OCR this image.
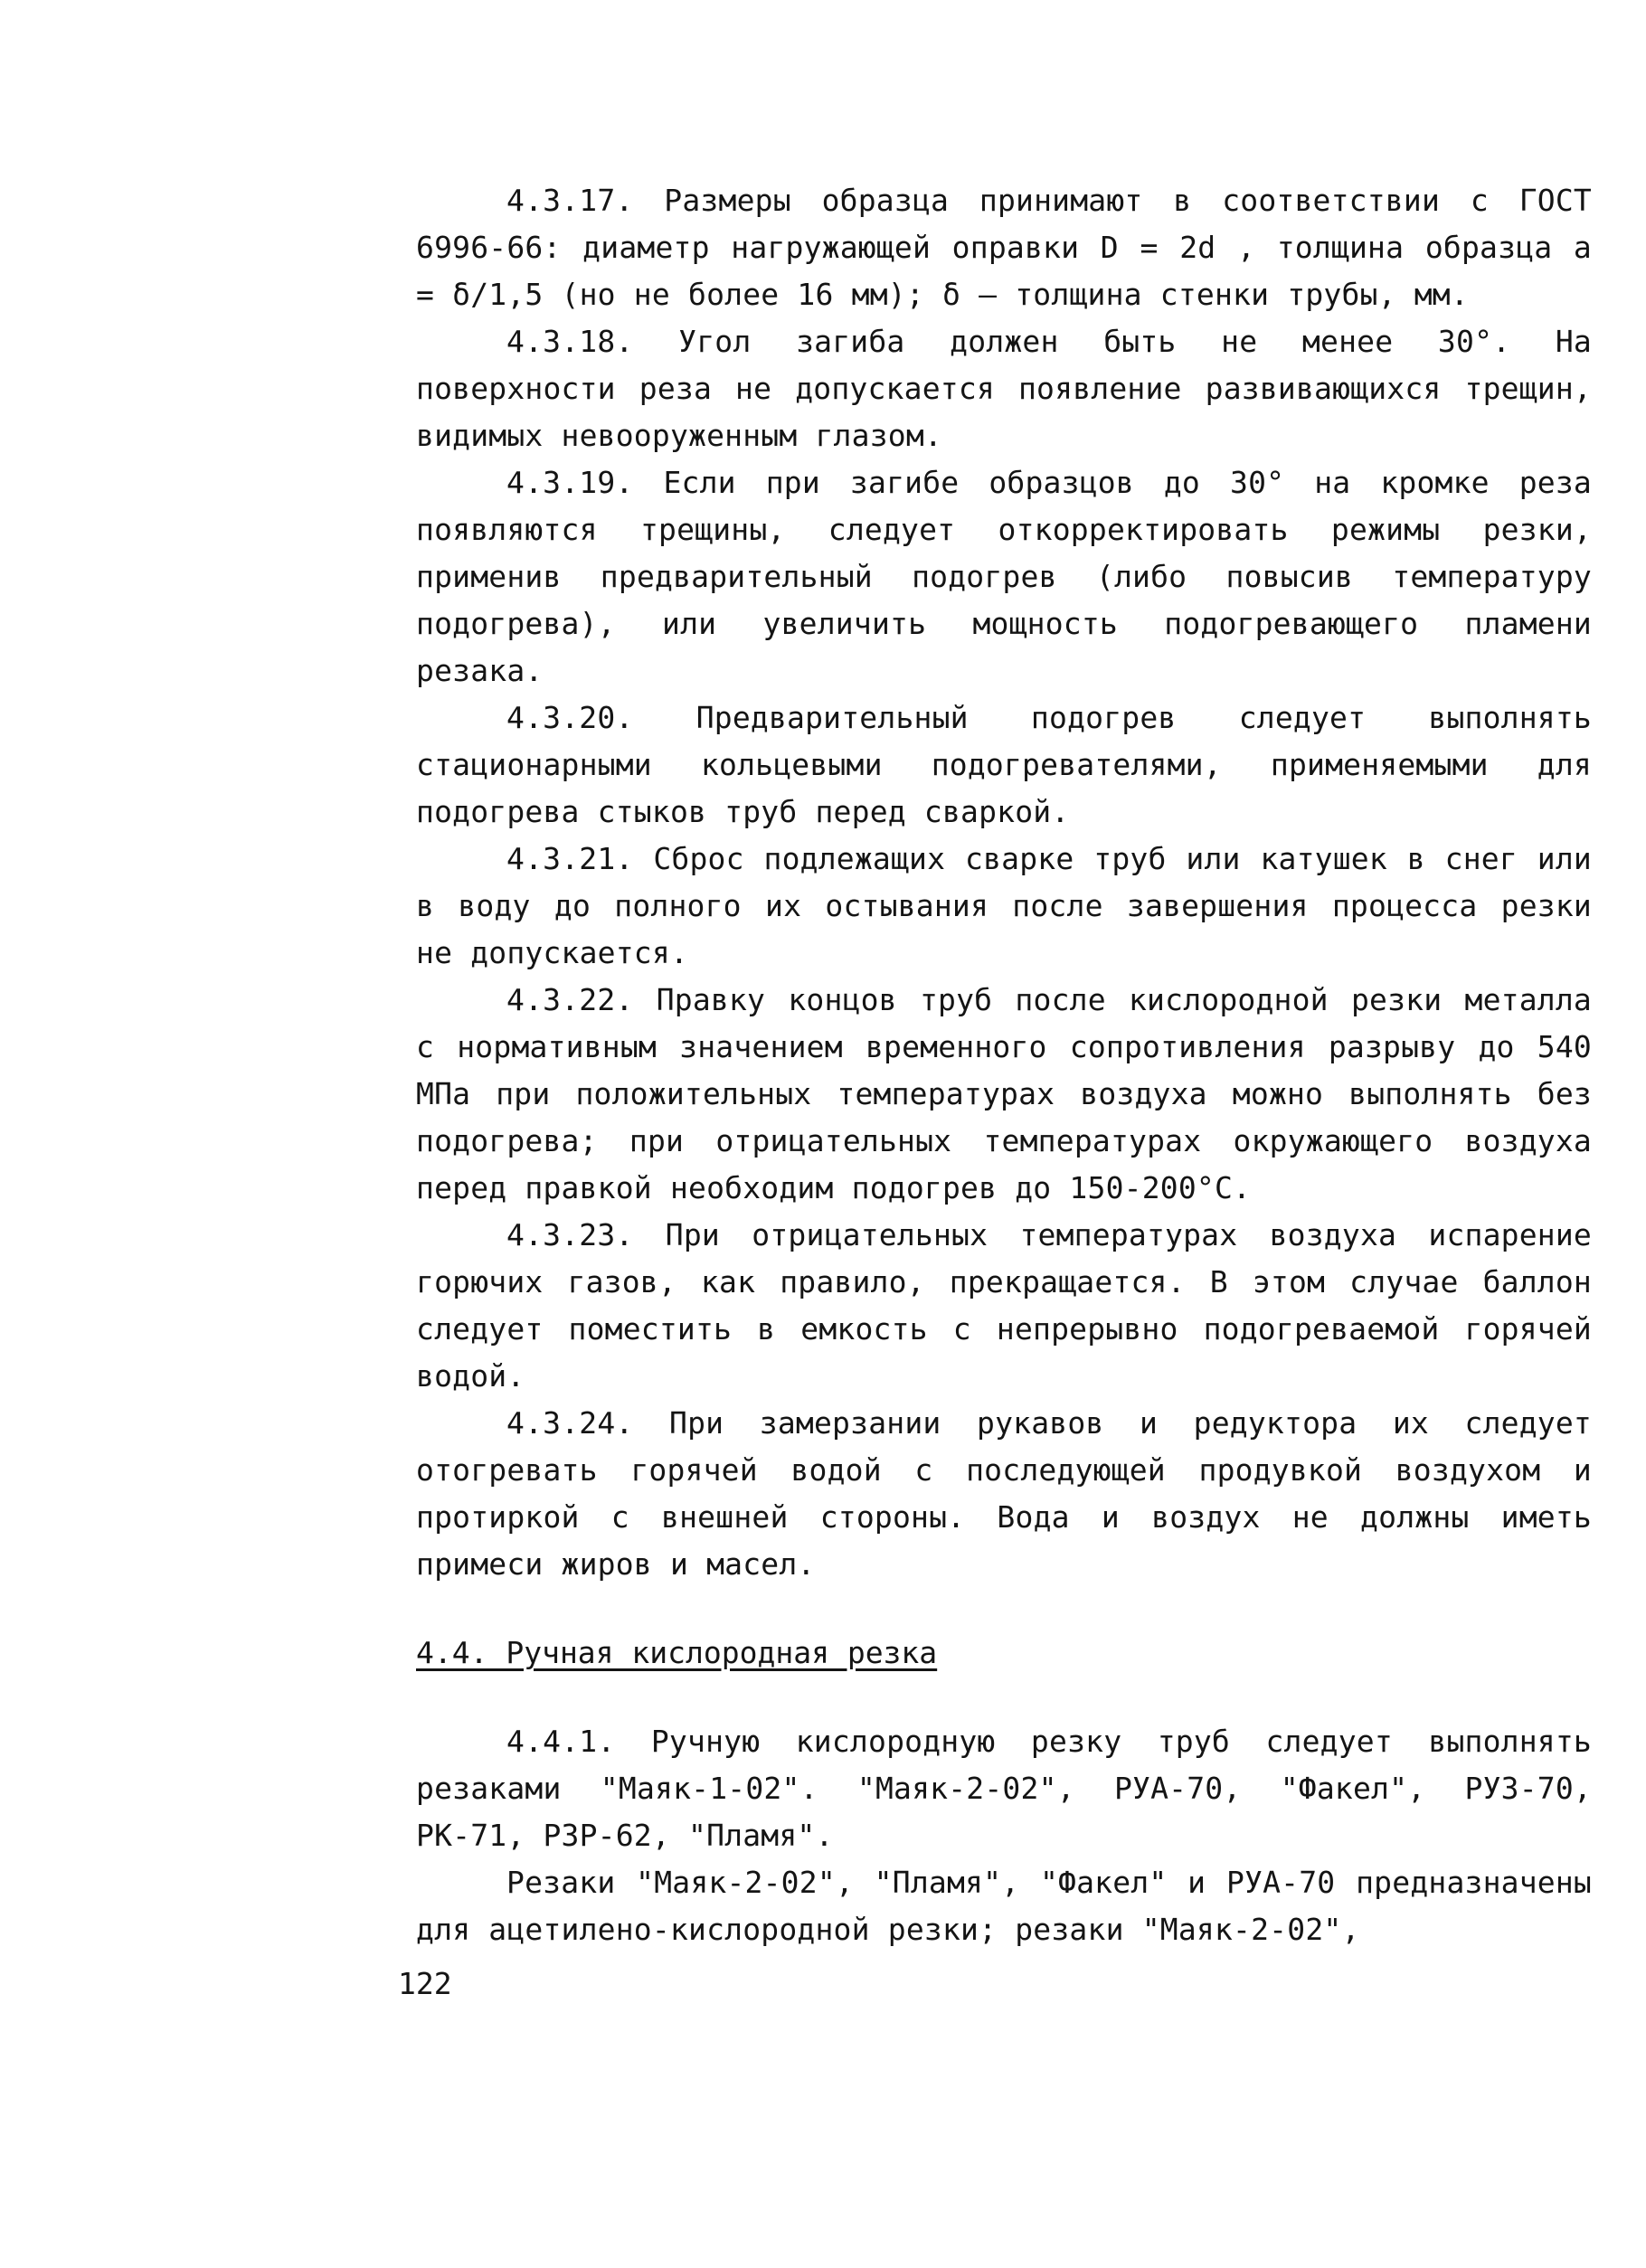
4.3.17. Размеры образца принимают в соответствии с ГОСТ 6996-66: диаметр нагружающей оправки D = 2d , толщина образца a = δ/1,5 (но не более 16 мм); δ – толщина стенки трубы, мм.

4.3.18. Угол загиба должен быть не менее 30°. На поверхности реза не допускается появление развивающихся трещин, видимых невооруженным глазом.

4.3.19. Если при загибе образцов до 30° на кромке реза появляются трещины, следует откорректировать режимы резки, применив предварительный подогрев (либо повысив температуру подогрева), или увеличить мощность подогревающего пламени резака.

4.3.20. Предварительный подогрев следует выполнять стационарными кольцевыми подогревателями, применяемыми для подогрева стыков труб перед сваркой.

4.3.21. Сброс подлежащих сварке труб или катушек в снег или в воду до полного их остывания после завершения процесса резки не допускается.

4.3.22. Правку концов труб после кислородной резки металла с нормативным значением временного сопротивления разрыву до 540 МПа при положительных температурах воздуха можно выполнять без подогрева; при отрицательных температурах окружающего воздуха перед правкой необходим подогрев до 150-200°С.

4.3.23. При отрицательных температурах воздуха испарение горючих газов, как правило, прекращается. В этом случае баллон следует поместить в емкость с непрерывно подогреваемой горячей водой.

4.3.24. При замерзании рукавов и редуктора их следует отогревать горячей водой с последующей продувкой воздухом и протиркой с внешней стороны. Вода и воздух не должны иметь примеси жиров и масел.

4.4. Ручная кислородная резка

4.4.1. Ручную кислородную резку труб следует выполнять резаками "Маяк-1-02". "Маяк-2-02", РУА-70, "Факел", РУЗ-70, РК-71, РЗР-62, "Пламя".

Резаки "Маяк-2-02", "Пламя", "Факел" и РУА-70 предназначены для ацетилено-кислородной резки; резаки "Маяк-2-02",

122
